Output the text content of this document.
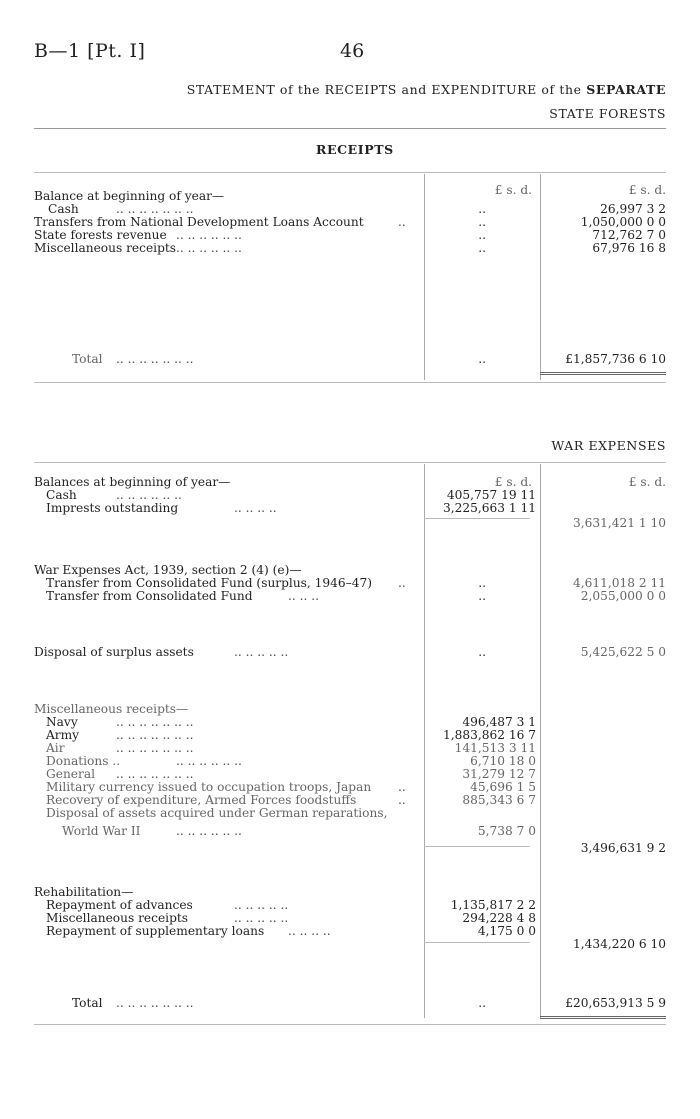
B—1 [Pt. I]	46
STATEMENT of the RECEIPTS and EXPENDITURE of the SEPARATE
STATE FORESTS
RECEIPTS
£ s. d.	£ s. d.
Balance at beginning of year—
Cash	.. .. .. .. .. .. ..	..	26,997 3 2
Transfers from National Development Loans Account	..	..	1,050,000 0 0
State forests revenue .. .. .. .. .. ..	..	712,762 7 0
Miscellaneous receipts .. .. .. .. .. ..	..	67,976 16 8
Total .. .. .. .. .. .. ..	..	£1,857,736 6 10
WAR EXPENSES
£ s. d.	£ s. d.
Balances at beginning of year—
Cash	.. .. .. .. .. ..	405,757 19 11
Imprests outstanding	.. .. .. ..	3,225,663 1 11
3,631,421 1 10
War Expenses Act, 1939, section 2 (4) (e)—
Transfer from Consolidated Fund (surplus, 1946–47) ..	..	4,611,018 2 11
Transfer from Consolidated Fund	.. .. ..	..	2,055,000 0 0
Disposal of surplus assets	.. .. .. .. ..	..	5,425,622 5 0
Miscellaneous receipts—
Navy	.. .. .. .. .. .. ..	496,487 3 1
Army	.. .. .. .. .. .. ..	1,883,862 16 7
Air	.. .. .. .. .. .. ..	141,513 3 11
Donations ..	.. .. .. .. .. ..	6,710 18 0
General .. .. .. .. .. .. ..	31,279 12 7
Military currency issued to occupation troops, Japan ..	45,696 1 5
Recovery of expenditure, Armed Forces foodstuffs	..	885,343 6 7
Disposal of assets acquired under German reparations,
World War II	.. .. .. .. .. ..	5,738 7 0
3,496,631 9 2
Rehabilitation—
Repayment of advances	.. .. .. .. ..	1,135,817 2 2
Miscellaneous receipts	.. .. .. .. ..	294,228 4 8
Repayment of supplementary loans .. .. .. ..	4,175 0 0
1,434,220 6 10
Total .. .. .. .. .. .. ..	..	£20,653,913 5 9
